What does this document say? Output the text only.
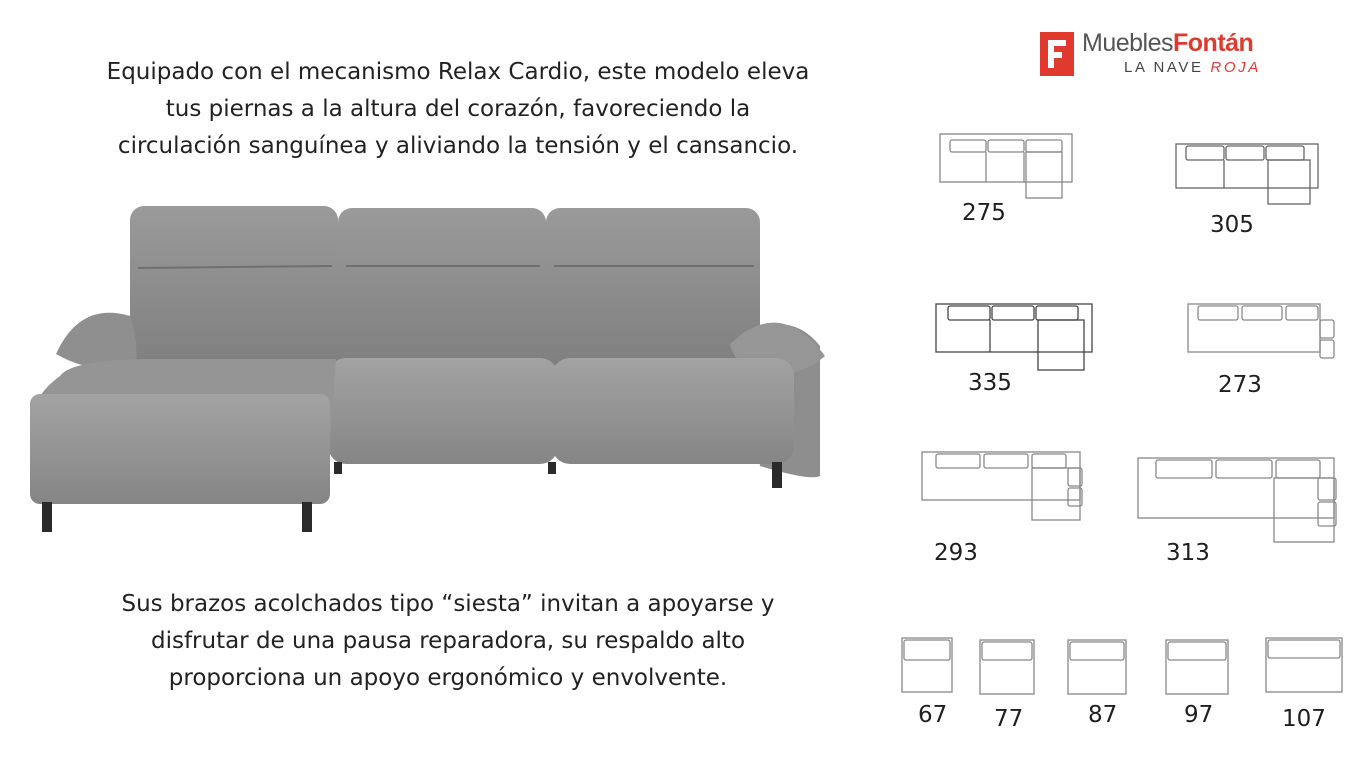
Equipado con el mecanismo Relax Cardio, este modelo eleva
tus piernas a la altura del corazón, favoreciendo la
circulación sanguínea y aliviando la tensión y el cansancio.
Sus brazos acolchados tipo “siesta” invitan a apoyarse y
disfrutar de una pausa reparadora, su respaldo alto
proporciona un apoyo ergonómico y envolvente.
MueblesFontán
LA NAVE ROJA
275	305
335	273
293	313
67 77	87	97	107
